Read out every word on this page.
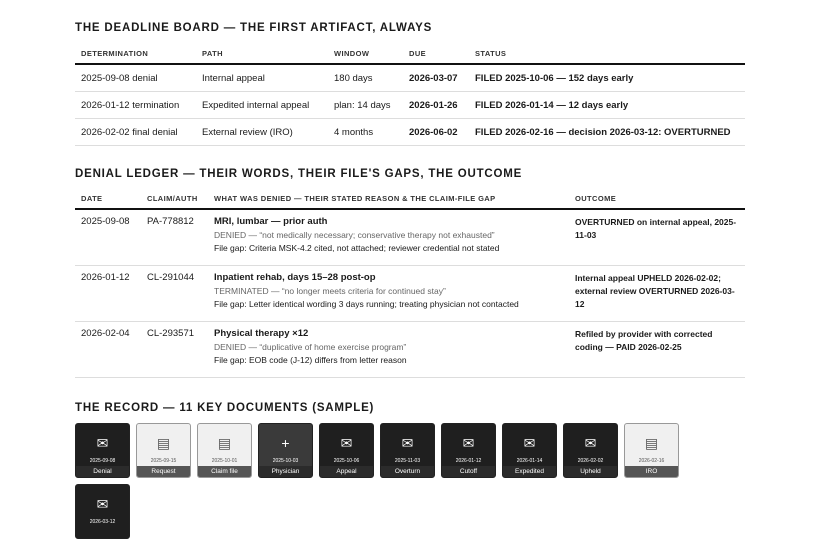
THE DEADLINE BOARD — THE FIRST ARTIFACT, ALWAYS
DETERMINATION	PATH	WINDOW	DUE	STATUS
2025-09-08 denial	Internal appeal	180 days	2026-03-07	FILED 2025-10-06 — 152 days early
2026-01-12 termination	Expedited internal appeal	plan: 14 days	2026-01-26	FILED 2026-01-14 — 12 days early
2026-02-02 final denial	External review (IRO)	4 months	2026-06-02	FILED 2026-02-16 — decision 2026-03-12: OVERTURNED
DENIAL LEDGER — THEIR WORDS, THEIR FILE'S GAPS, THE OUTCOME
DATE	CLAIM/AUTH	WHAT WAS DENIED — THEIR STATED REASON & THE CLAIM-FILE GAP	OUTCOME
2025-09-08	PA-778812	MRI, lumbar — prior auth
DENIED — “not medically necessary; conservative therapy not exhausted”
File gap: Criteria MSK-4.2 cited, not attached; reviewer credential not stated	OVERTURNED on internal appeal, 2025-11-03
2026-01-12	CL-291044	Inpatient rehab, days 15–28 post-op
TERMINATED — “no longer meets criteria for continued stay”
File gap: Letter identical wording 3 days running; treating physician not contacted	Internal appeal UPHELD 2026-02-02; external review OVERTURNED 2026-03-12
2026-02-04	CL-293571	Physical therapy ×12
DENIED — “duplicative of home exercise program”
File gap: EOB code (J-12) differs from letter reason	Refiled by provider with corrected coding — PAID 2026-02-25
THE RECORD — 11 KEY DOCUMENTS (SAMPLE)
✉
2025-09-08
Denial
▤
2025-09-15
Request
▤
2025-10-01
Claim file
+
2025-10-03
Physician
✉
2025-10-06
Appeal
✉
2025-11-03
Overturn
✉
2026-01-12
Cutoff
✉
2026-01-14
Expedited
✉
2026-02-02
Upheld
▤
2026-02-16
IRO
✉
2026-03-12
